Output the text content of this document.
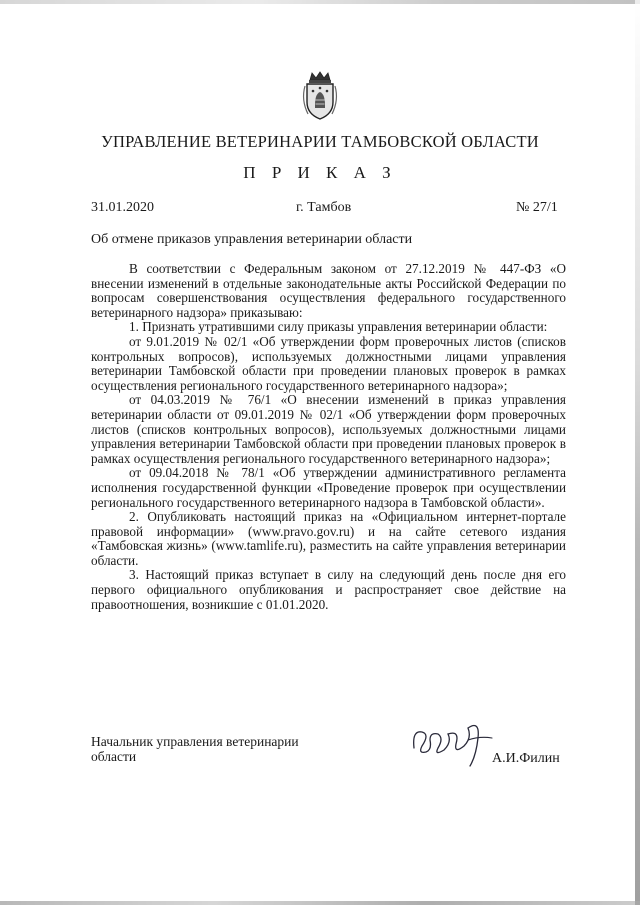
УПРАВЛЕНИЕ ВЕТЕРИНАРИИ ТАМБОВСКОЙ ОБЛАСТИ
П Р И К А З
31.01.2020	г. Тамбов	№ 27/1
Об отмене приказов управления ветеринарии области

В соответствии с Федеральным законом от 27.12.2019 № 447-ФЗ «О внесении изменений в отдельные законодательные акты Российской Федерации по вопросам совершенствования осуществления федерального государственного ветеринарного надзора» приказываю:

1. Признать утратившими силу приказы управления ветеринарии области:

от 9.01.2019 № 02/1 «Об утверждении форм проверочных листов (списков контрольных вопросов), используемых должностными лицами управления ветеринарии Тамбовской области при проведении плановых проверок в рамках осуществления регионального государственного ветеринарного надзора»;

от 04.03.2019 № 76/1 «О внесении изменений в приказ управления ветеринарии области от 09.01.2019 № 02/1 «Об утверждении форм проверочных листов (списков контрольных вопросов), используемых должностными лицами управления ветеринарии Тамбовской области при проведении плановых проверок в рамках осуществления регионального государственного ветеринарного надзора»;

от 09.04.2018 № 78/1 «Об утверждении административного регламента исполнения государственной функции «Проведение проверок при осуществлении регионального государственного ветеринарного надзора в Тамбовской области».

2. Опубликовать настоящий приказ на «Официальном интернет-портале правовой информации» (www.pravo.gov.ru) и на сайте сетевого издания «Тамбовская жизнь» (www.tamlife.ru), разместить на сайте управления ветеринарии области.

3. Настоящий приказ вступает в силу на следующий день после дня его первого официального опубликования и распространяет свое действие на правоотношения, возникшие с 01.01.2020.

Начальник управления ветеринарии
области	А.И.Филин
